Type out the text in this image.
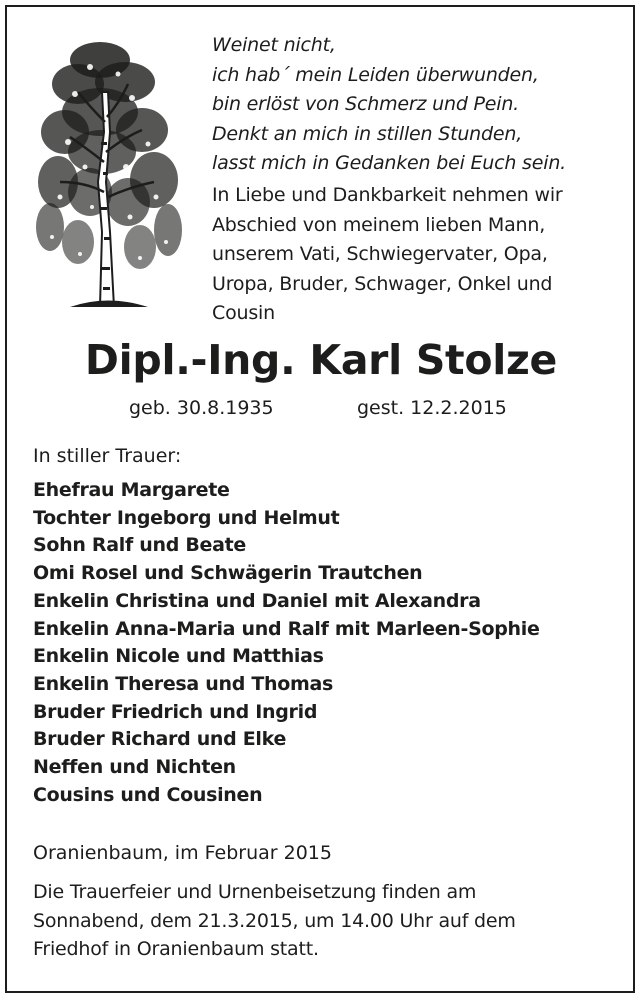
Weinet nicht,
ich hab´ mein Leiden überwunden,
bin erlöst von Schmerz und Pein.
Denkt an mich in stillen Stunden,
lasst mich in Gedanken bei Euch sein.
In Liebe und Dankbarkeit nehmen wir
Abschied von meinem lieben Mann,
unserem Vati, Schwiegervater, Opa,
Uropa, Bruder, Schwager, Onkel und
Cousin
Dipl.-Ing. Karl Stolze
geb. 30.8.1935	gest. 12.2.2015
In stiller Trauer:
Ehefrau Margarete
Tochter Ingeborg und Helmut
Sohn Ralf und Beate
Omi Rosel und Schwägerin Trautchen
Enkelin Christina und Daniel mit Alexandra
Enkelin Anna-Maria und Ralf mit Marleen-Sophie
Enkelin Nicole und Matthias
Enkelin Theresa und Thomas
Bruder Friedrich und Ingrid
Bruder Richard und Elke
Neffen und Nichten
Cousins und Cousinen
Oranienbaum, im Februar 2015
Die Trauerfeier und Urnenbeisetzung finden am
Sonnabend, dem 21.3.2015, um 14.00 Uhr auf dem
Friedhof in Oranienbaum statt.
